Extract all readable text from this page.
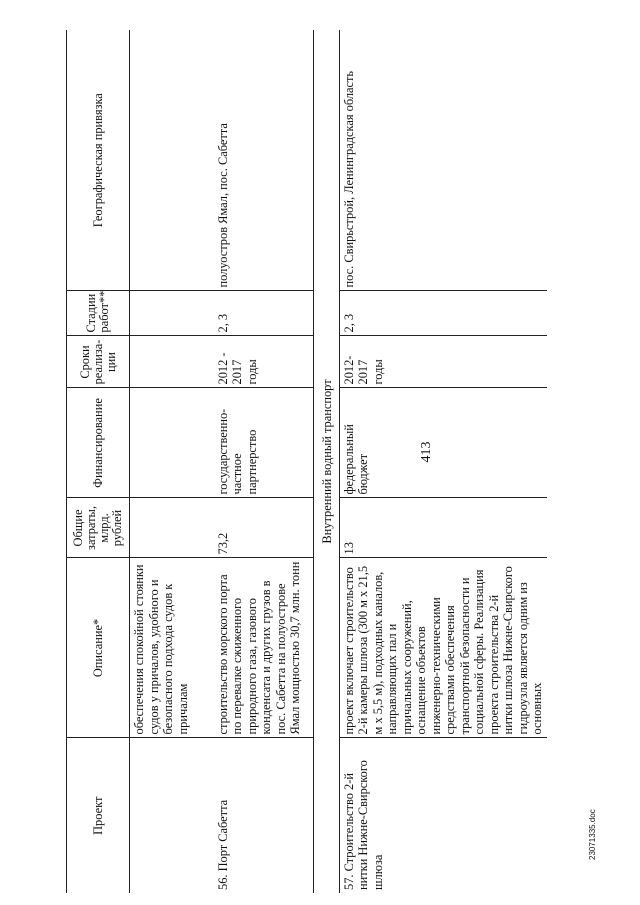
413
Проект	Описание*	Общие затраты, млрд. рублей	Финансирование	Сроки реализа-ции	Стадии работ**	Географическая привязка
	обеспечения спокойной стоянки судов у причалов, удобного и безопасного подхода судов к причалам					
56. Порт Сабетта	строительство морского порта по перевалке сжиженного природного газа, газового конденсата и других грузов в пос. Сабетта на полуострове Ямал мощностью 30,7 млн. тонн	73,2	государственно-частное партнерство	2012 - 2017 годы	2, 3	полуостров Ямал, пос. Сабетта
Внутренний водный транспорт						
57. Строительство 2-й нитки Нижне-Свирского шлюза	проект включает строительство 2-й камеры шлюза (300 м x 21,5 м x 5,5 м), подходных каналов, направляющих пал и причальных сооружений, оснащение объектов инженерно-техническими средствами обеспечения транспортной безопасности и социальной сферы. Реализация проекта строительства 2-й нитки шлюза Нижне-Свирского гидроузла является одним из основных	13	федеральный бюджет	2012- 2017 годы	2, 3	пос. Свирьстрой, Ленинградская область
23071335.doc
